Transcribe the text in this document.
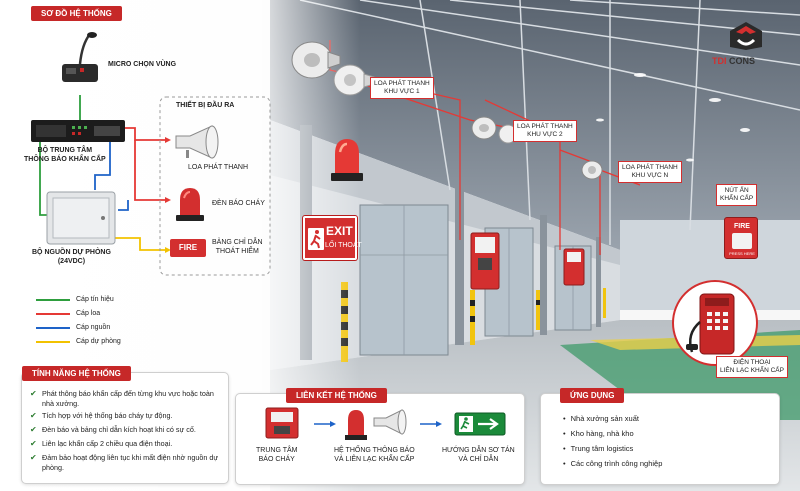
SƠ ĐỒ HỆ THỐNG
MICRO CHỌN VÙNG
BỘ TRUNG TÂM
THÔNG BÁO KHẨN CẤP
BỘ NGUỒN DỰ PHÒNG
(24VDC)
THIẾT BỊ ĐẦU RA
LOA PHÁT THANH
ĐÈN BÁO CHÁY
FIRE
BẢNG CHỈ DẪN
THOÁT HIỂM
Cáp tín hiệu
Cáp loa
Cáp nguồn
Cáp dự phòng
TDI CONS
LOA PHÁT THANH
KHU VỰC 1
LOA PHÁT THANH
KHU VỰC 2
LOA PHÁT THANH
KHU VỰC N
EXIT
LỐI THOÁT
NÚT ẤN
KHẨN CẤP
FIRE
PRESS HERE
ĐIỆN THOẠI
LIÊN LẠC KHẨN CẤP
✔ Phát thông báo khẩn cấp đến từng khu vực hoặc toàn nhà xưởng.
✔ Tích hợp với hệ thống báo cháy tự động.
✔ Đèn báo và bảng chỉ dẫn kích hoạt khi có sự cố.
✔ Liên lạc khẩn cấp 2 chiều qua điện thoại.
✔ Đảm bảo hoạt động liên tục khi mất điện nhờ nguồn dự phòng.
TÍNH NĂNG HỆ THỐNG
TRUNG TÂM
BÁO CHÁY
HỆ THỐNG THÔNG BÁO
VÀ LIÊN LẠC KHẨN CẤP
HƯỚNG DẪN SƠ TÁN
VÀ CHỈ DẪN
LIÊN KẾT HỆ THỐNG
• Nhà xưởng sản xuất
• Kho hàng, nhà kho
• Trung tâm logistics
• Các công trình công nghiệp
ỨNG DỤNG
